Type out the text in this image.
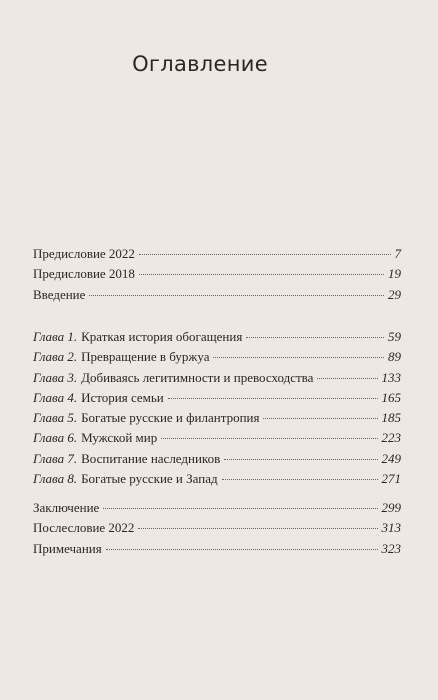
Оглавление
Предисловие 2022	7
Предисловие 2018	19
Введение	29
Глава 1. Краткая история обогащения	59
Глава 2. Превращение в буржуа	89
Глава 3. Добиваясь легитимности и превосходства	133
Глава 4. История семьи	165
Глава 5. Богатые русские и филантропия	185
Глава 6. Мужской мир	223
Глава 7. Воспитание наследников	249
Глава 8. Богатые русские и Запад	271
Заключение	299
Послесловие 2022	313
Примечания	323
